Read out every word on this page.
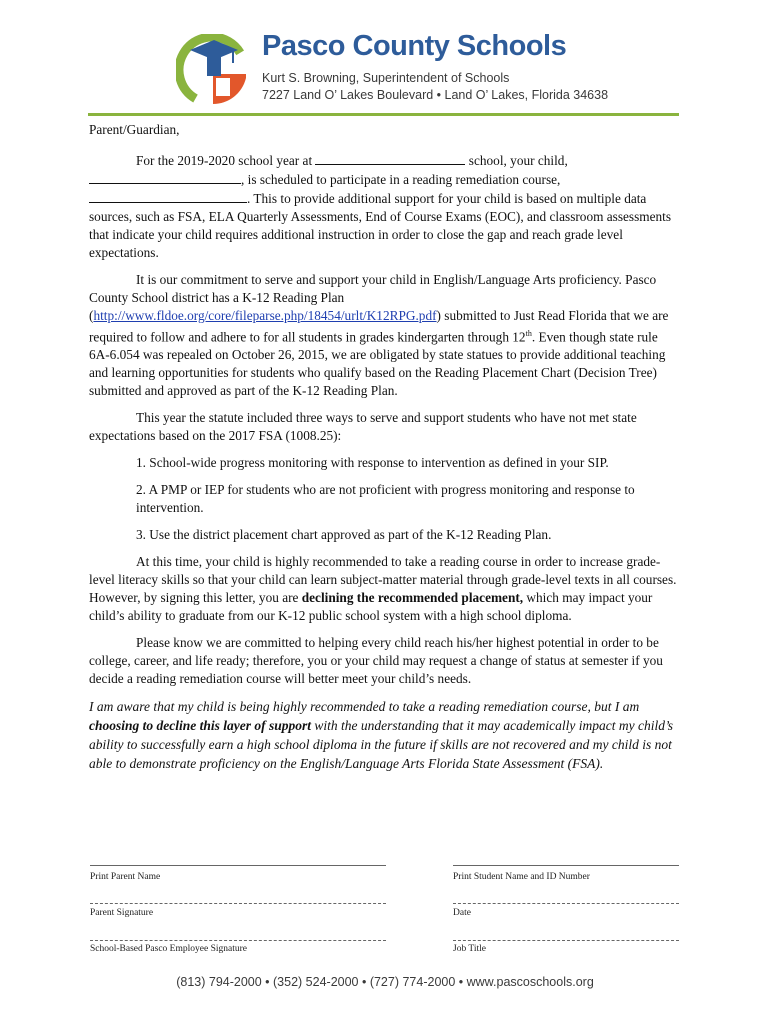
Pasco County Schools
Kurt S. Browning, Superintendent of Schools
7227 Land O’ Lakes Boulevard • Land O’ Lakes, Florida 34638

Parent/Guardian,

For the 2019-2020 school year at	school, your child,
, is scheduled to participate in a reading remediation course,
. This to provide additional support for your child is based on multiple data sources, such as FSA, ELA Quarterly Assessments, End of Course Exams (EOC), and classroom assessments that indicate your child requires additional instruction in order to close the gap and reach grade level expectations.

It is our commitment to serve and support your child in English/Language Arts proficiency. Pasco County School district has a K-12 Reading Plan (http://www.fldoe.org/core/fileparse.php/18454/urlt/K12RPG.pdf) submitted to Just Read Florida that we are required to follow and adhere to for all students in grades kindergarten through 12th. Even though state rule 6A-6.054 was repealed on October 26, 2015, we are obligated by state statues to provide additional teaching and learning opportunities for students who qualify based on the Reading Placement Chart (Decision Tree) submitted and approved as part of the K-12 Reading Plan.

This year the statute included three ways to serve and support students who have not met state expectations based on the 2017 FSA (1008.25):

1. School-wide progress monitoring with response to intervention as defined in your SIP.

2. A PMP or IEP for students who are not proficient with progress monitoring and response to intervention.

3. Use the district placement chart approved as part of the K-12 Reading Plan.

At this time, your child is highly recommended to take a reading course in order to increase grade-level literacy skills so that your child can learn subject-matter material through grade-level texts in all courses. However, by signing this letter, you are declining the recommended placement, which may impact your child’s ability to graduate from our K-12 public school system with a high school diploma.

Please know we are committed to helping every child reach his/her highest potential in order to be college, career, and life ready; therefore, you or your child may request a change of status at semester if you decide a reading remediation course will better meet your child’s needs.

I am aware that my child is being highly recommended to take a reading remediation course, but I am choosing to decline this layer of support with the understanding that it may academically impact my child’s ability to successfully earn a high school diploma in the future if skills are not recovered and my child is not able to demonstrate proficiency on the English/Language Arts Florida State Assessment (FSA).

Print Parent Name	Print Student Name and ID Number
Parent Signature	Date
School-Based Pasco Employee Signature	Job Title
(813) 794-2000 • (352) 524-2000 • (727) 774-2000 • www.pascoschools.org
